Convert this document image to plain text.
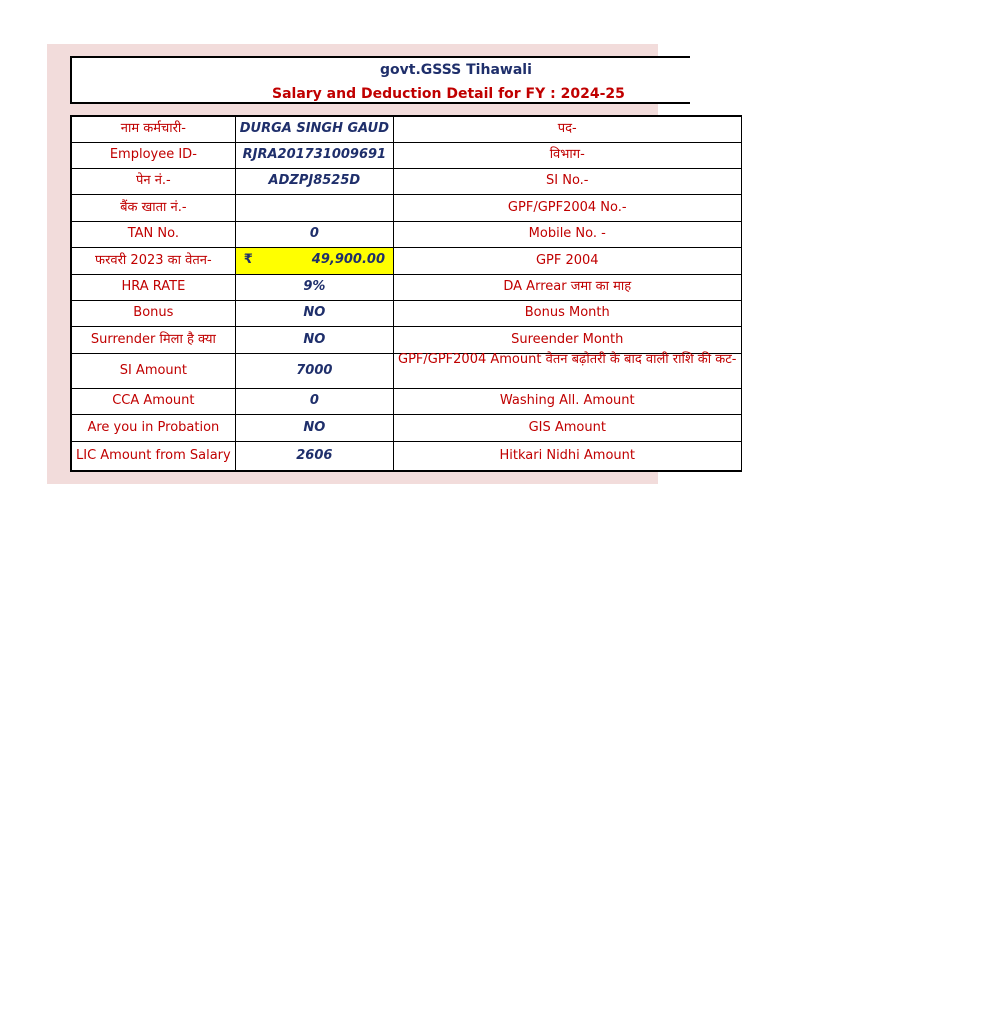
govt.GSSS Tihawali
Salary and Deduction Detail for FY : 2024-25
नाम कर्मचारी-	DURGA SINGH GAUD	पद-
Employee ID-	RJRA201731009691	विभाग-
पेन नं.-	ADZPJ8525D	SI No.-
बैंक खाता नं.-		GPF/GPF2004 No.-
TAN No.	0	Mobile No. -
फरवरी 2023 का वेतन-	₹ 49,900.00	GPF 2004
HRA RATE	9%	DA Arrear जमा का माह
Bonus	NO	Bonus Month
Surrender मिला है क्या	NO	Sureender Month
SI Amount	7000	GPF/GPF2004 Amount वेतन बढ़ोतरी के बाद वाली राशि की कट-

CCA Amount	0	Washing All. Amount
Are you in Probation	NO	GIS Amount
LIC Amount from Salary	2606	Hitkari Nidhi Amount
